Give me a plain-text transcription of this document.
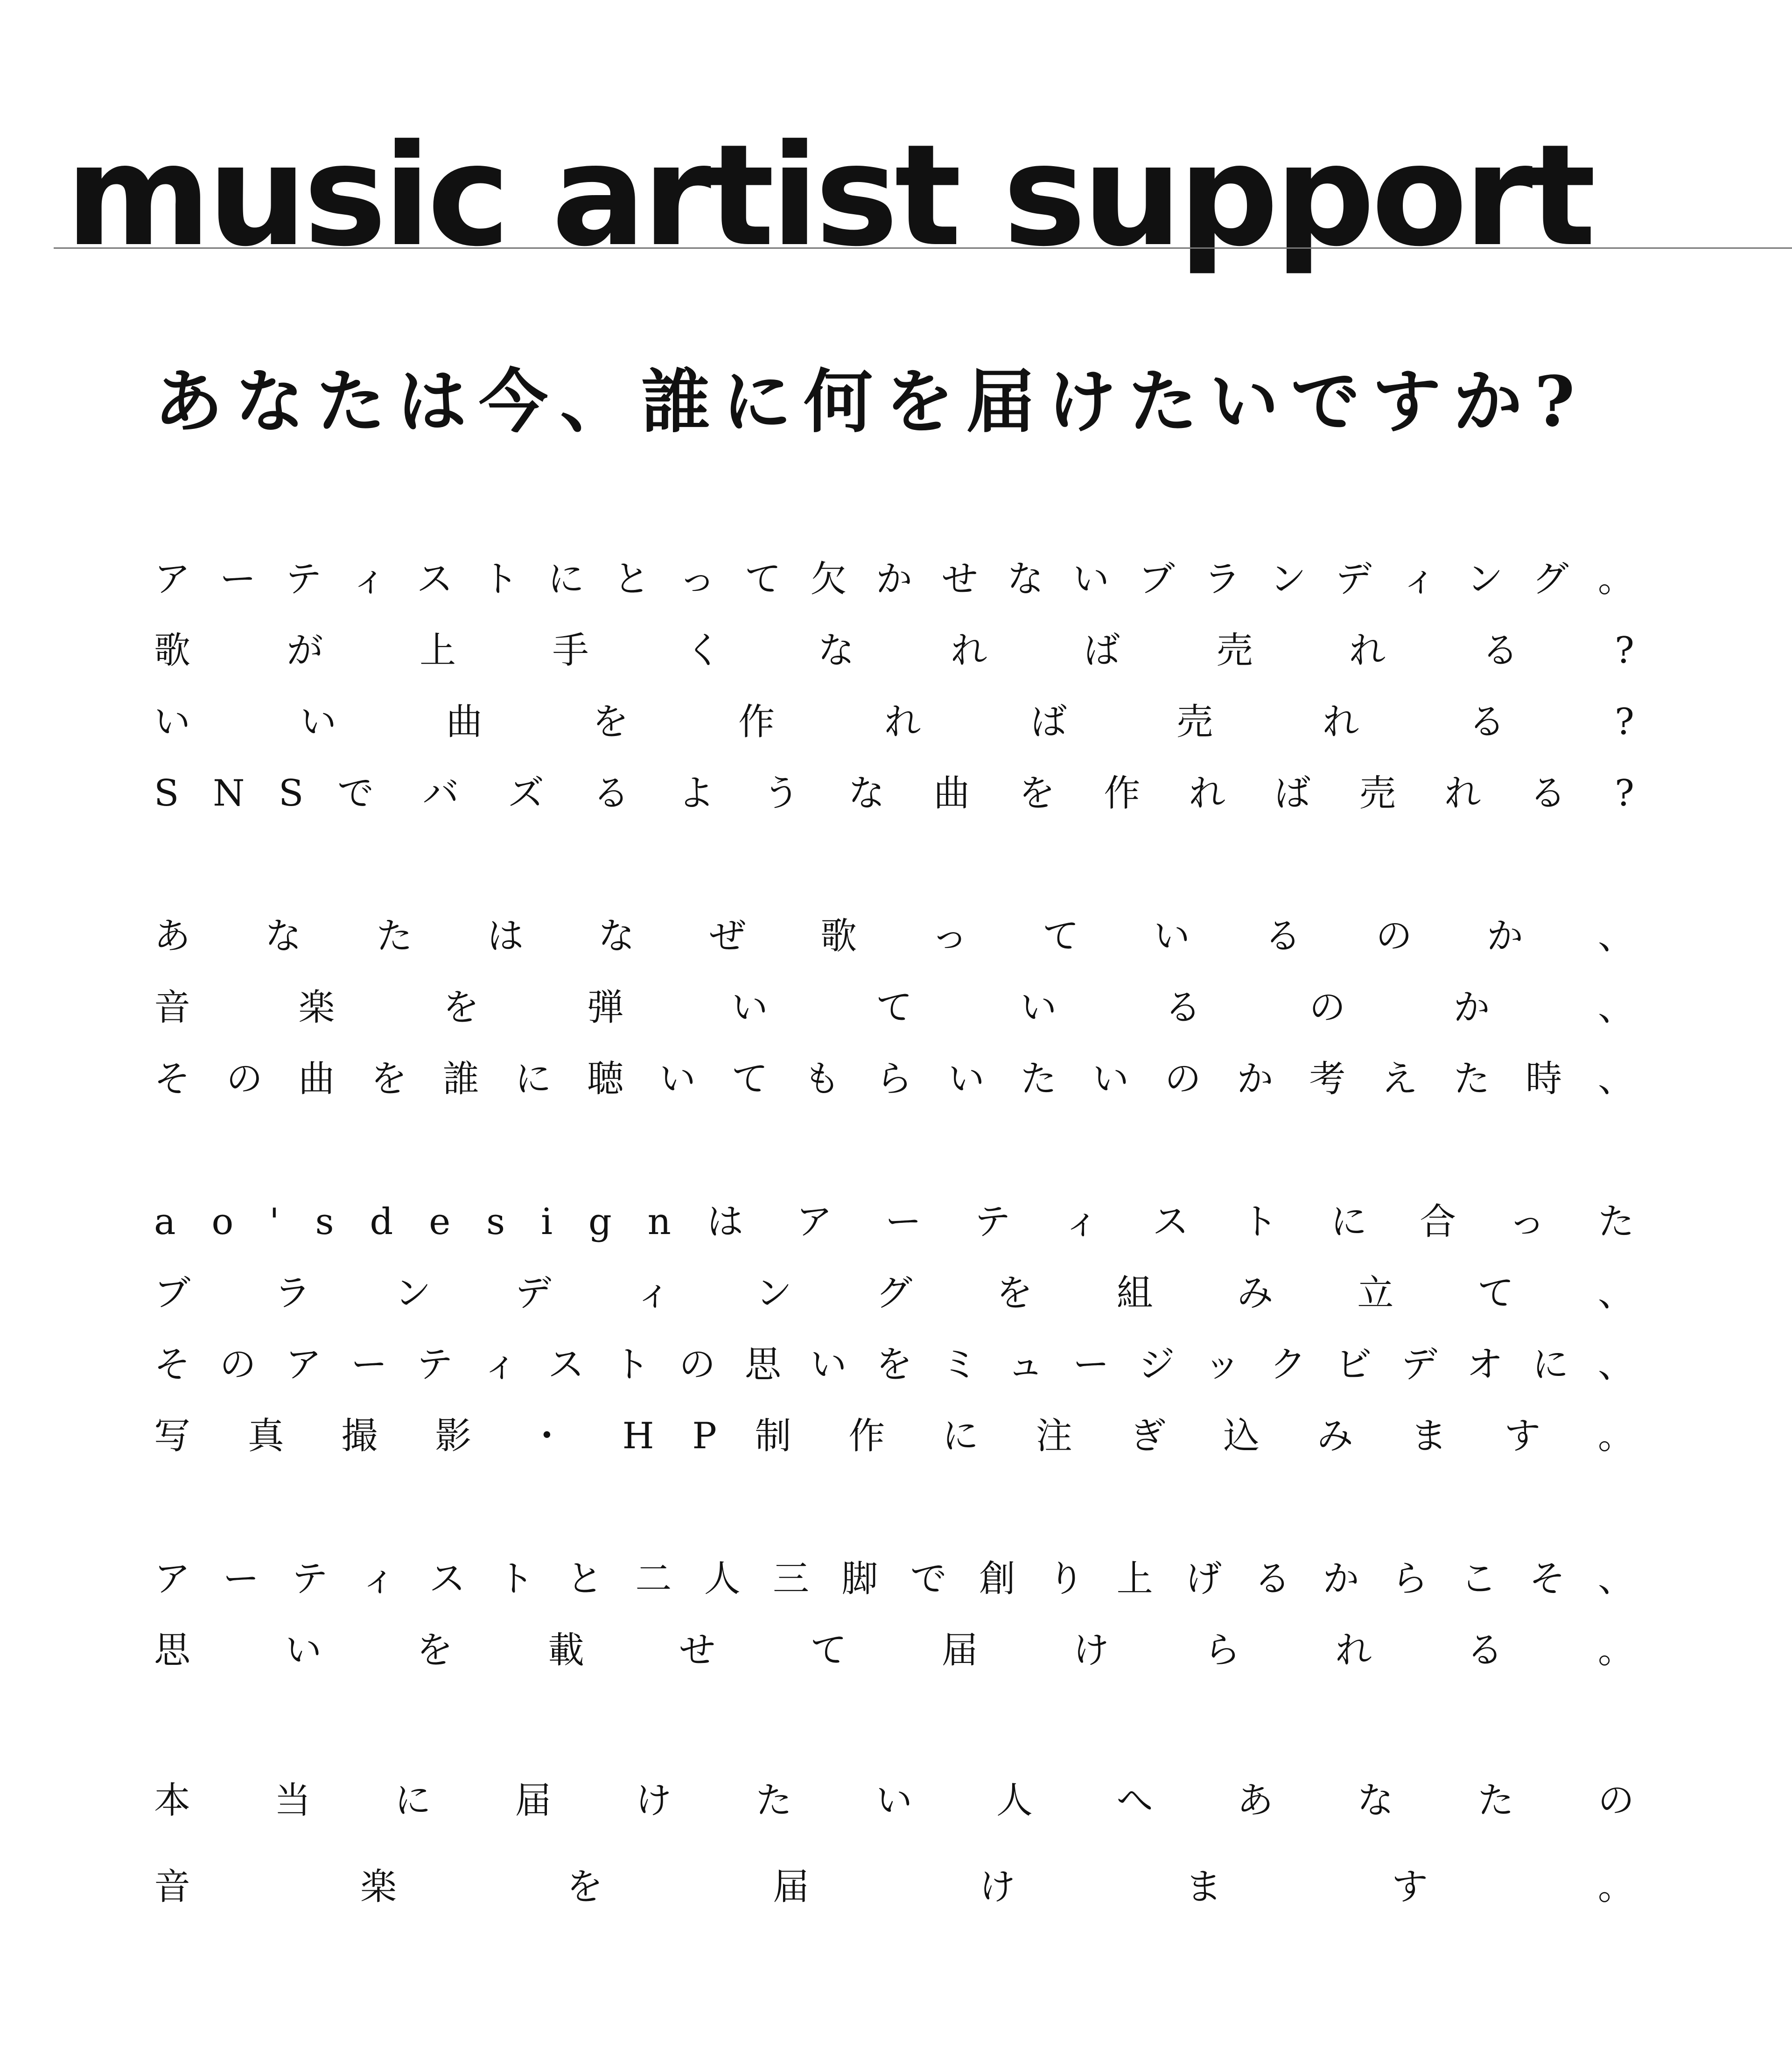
music artist support
あなたは今、誰に何を届けたいですか?

ア ー テ ィ ス ト に と っ て 欠 か せ な い ブ ラ ン デ ィ ン グ 。
歌 が 上 手 く な れ ば 売 れ る ?
い い 曲 を 作 れ ば 売 れ る ?
S N S で バ ズ る よ う な 曲 を 作 れ ば 売 れ る ?

あ な た は な ぜ 歌 っ て い る の か 、
音 楽 を 弾 い て い る の か 、
そ の 曲 を 誰 に 聴 い て も ら い た い の か 考 え た 時 、

a o ' s d e s i g n は ア ー テ ィ ス ト に 合 っ た
ブ ラ ン デ ィ ン グ を 組 み 立 て 、
そ の ア ー テ ィ ス ト の 思 い を ミ ュ ー ジ ッ ク ビ デ オ に 、
写 真 撮 影 ・ H P 制 作 に 注 ぎ 込 み ま す 。

ア ー テ ィ ス ト と 二 人 三 脚 で 創 り 上 げ る か ら こ そ 、
思 い を 載 せ て 届 け ら れ る 。

本 当 に 届 け た い 人 へ あ な た の
音 楽 を 届 け ま す 。
